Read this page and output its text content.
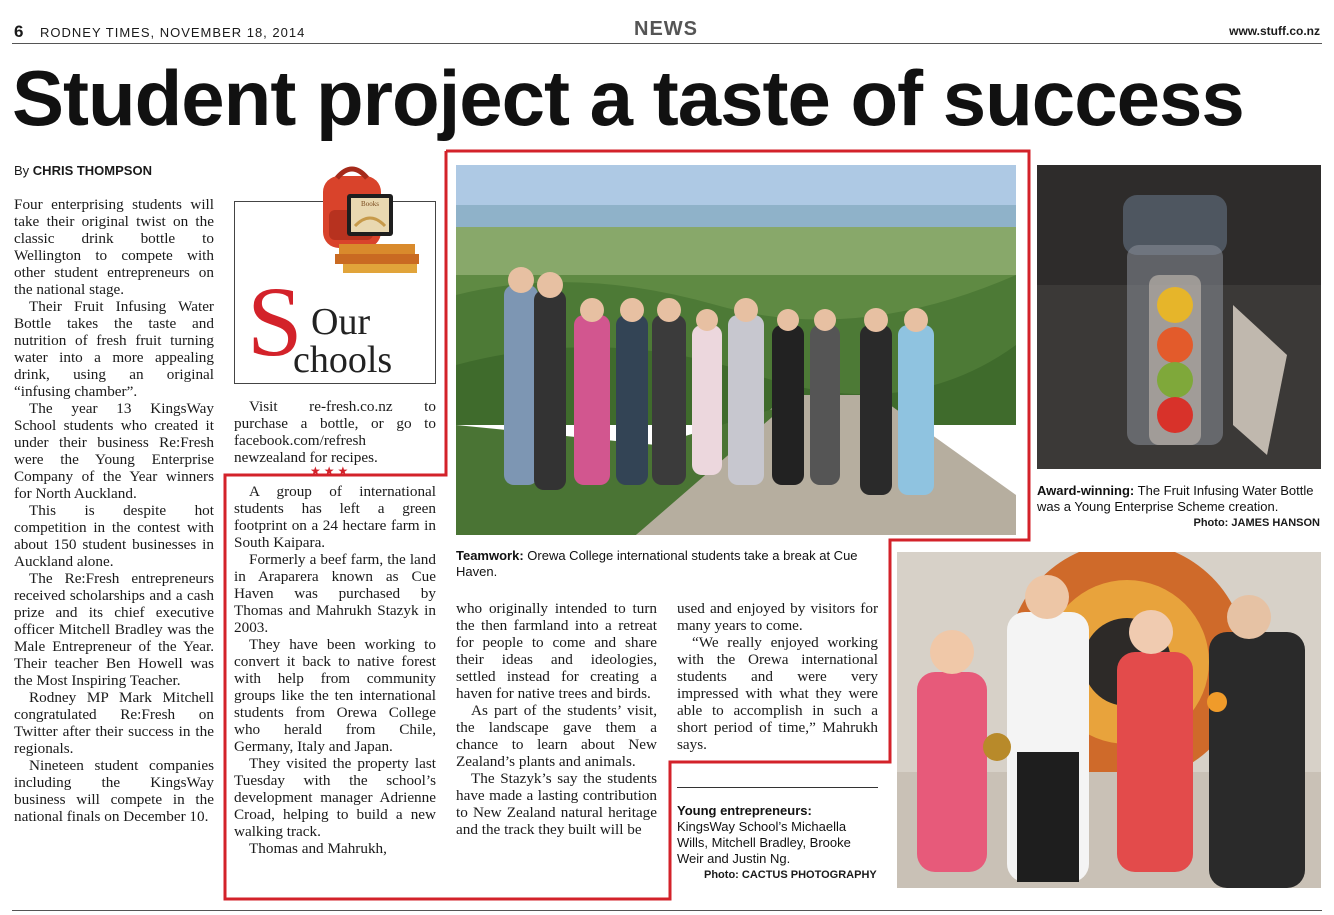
6 RODNEY TIMES, NOVEMBER 18, 2014	NEWS	www.stuff.co.nz
Student project a taste of success
By CHRIS THOMPSON

Four enterprising students will take their original twist on the classic drink bottle to Wellington to compete with other student entrepreneurs on the national stage.

Their Fruit Infusing Water Bottle takes the taste and nutrition of fresh fruit turning water into a more appealing drink, using an original “infusing chamber”.

The year 13 KingsWay School students who created it under their business Re:Fresh were the Young Enterprise Company of the Year winners for North Auckland.

This is despite hot competition in the contest with about 150 student businesses in Auckland alone.

The Re:Fresh entrepreneurs received scholarships and a cash prize and its chief executive officer Mitchell Bradley was the Male Entrepreneur of the Year. Their teacher Ben Howell was the Most Inspiring Teacher.

Rodney MP Mark Mitchell congratulated Re:Fresh on Twitter after their success in the regionals.

Nineteen student companies including the KingsWay business will compete in the national finals on December 10.

Books
S Our
chools

Visit re-fresh.co.nz to purchase a bottle, or go to facebook.com/refresh newzealand for recipes.

★★★

A group of international students has left a green footprint on a 24 hectare farm in South Kaipara.

Formerly a beef farm, the land in Araparera known as Cue Haven was purchased by Thomas and Mahrukh Stazyk in 2003.

They have been working to convert it back to native forest with help from community groups like the ten international students from Orewa College who herald from Chile, Germany, Italy and Japan.

They visited the property last Tuesday with the school’s development manager Adrienne Croad, helping to build a new walking track.

Thomas and Mahrukh,

who originally intended to turn the then farmland into a retreat for people to come and share their ideas and ideologies, settled instead for creating a haven for native trees and birds.

As part of the students’ visit, the landscape gave them a chance to learn about New Zealand’s plants and animals.

The Stazyk’s say the students have made a lasting contribution to New Zealand natural heritage and the track they built will be

used and enjoyed by visitors for many years to come.

“We really enjoyed working with the Orewa international students and were very impressed with what they were able to accomplish in such a short period of time,” Mahrukh says.

Teamwork: Orewa College international students take a break at Cue Haven.
Award-winning: The Fruit Infusing Water Bottle was a Young Enterprise Scheme creation.
Photo: JAMES HANSON
Young entrepreneurs:
KingsWay School’s Michaella Wills, Mitchell Bradley, Brooke Weir and Justin Ng.
Photo: CACTUS PHOTOGRAPHY
